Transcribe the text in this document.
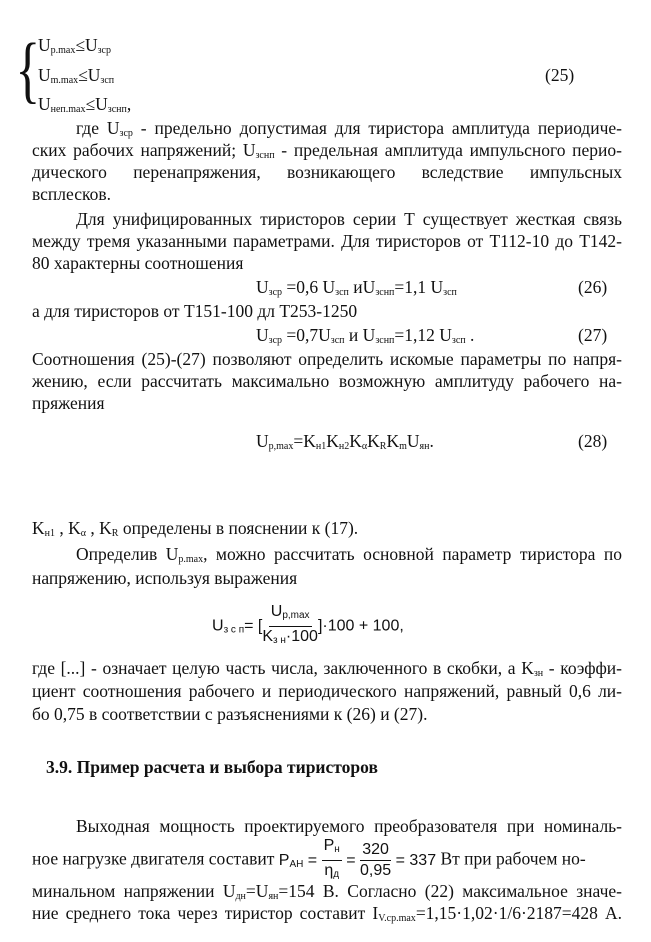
{
Uр.max≤Uзср
Um.max≤Uзсп
Uнеп.max≤Uзснп,
(25)
где Uзср - предельно допустимая для тиристора амплитуда периодиче-
ских рабочих напряжений; Uзснп - предельная амплитуда импульсного перио-
дического перенапряжения, возникающего вследствие импульсных
всплесков.
Для унифицированных тиристоров серии Т существует жесткая связь
между тремя указанными параметрами. Для тиристоров от Т112-10 до Т142-
80 характерны соотношения
Uзср =0,6 Uзсп иUзснп=1,1 Uзсп	(26)
а для тиристоров от Т151-100 дл Т253-1250
Uзср =0,7Uзсп и Uзснп=1,12 Uзсп .	(27)
Соотношения (25)-(27) позволяют определить искомые параметры по напря-
жению, если рассчитать максимально возможную амплитуду рабочего на-
пряжения
Uр,max=Kн1Kн2KαKRKmUян.	(28)
Kн1 , Kα , KR определены в пояснении к (17).
Определив Uр.max, можно рассчитать основной параметр тиристора по
напряжению, используя выражения
Uз с п= [ $\frac{Up,\max}{\text{Kз н·100}} ]\cdot 100 + 100$,
где [...] - означает целую часть числа, заключенного в скобки, а Kзн - коэффи-
циент соотношения рабочего и периодического напряжений, равный 0,6 ли-
бо 0,75 в соответствии с разъяснениями к (26) и (27).
3.9. Пример расчета и выбора тиристоров
Выходная мощность проектируемого преобразователя при номиналь-
ное нагрузке двигателя составит PAH = $\frac{Pн}{\eta д} = \frac{320}{0,95} = 337$ Вт при рабочем но-
минальном напряжении Uдн=Uян=154 В. Согласно (22) максимальное значе-
ние среднего тока через тиристор составит IV.ср.max=1,15·1,02·1/6·2187=428 А.
